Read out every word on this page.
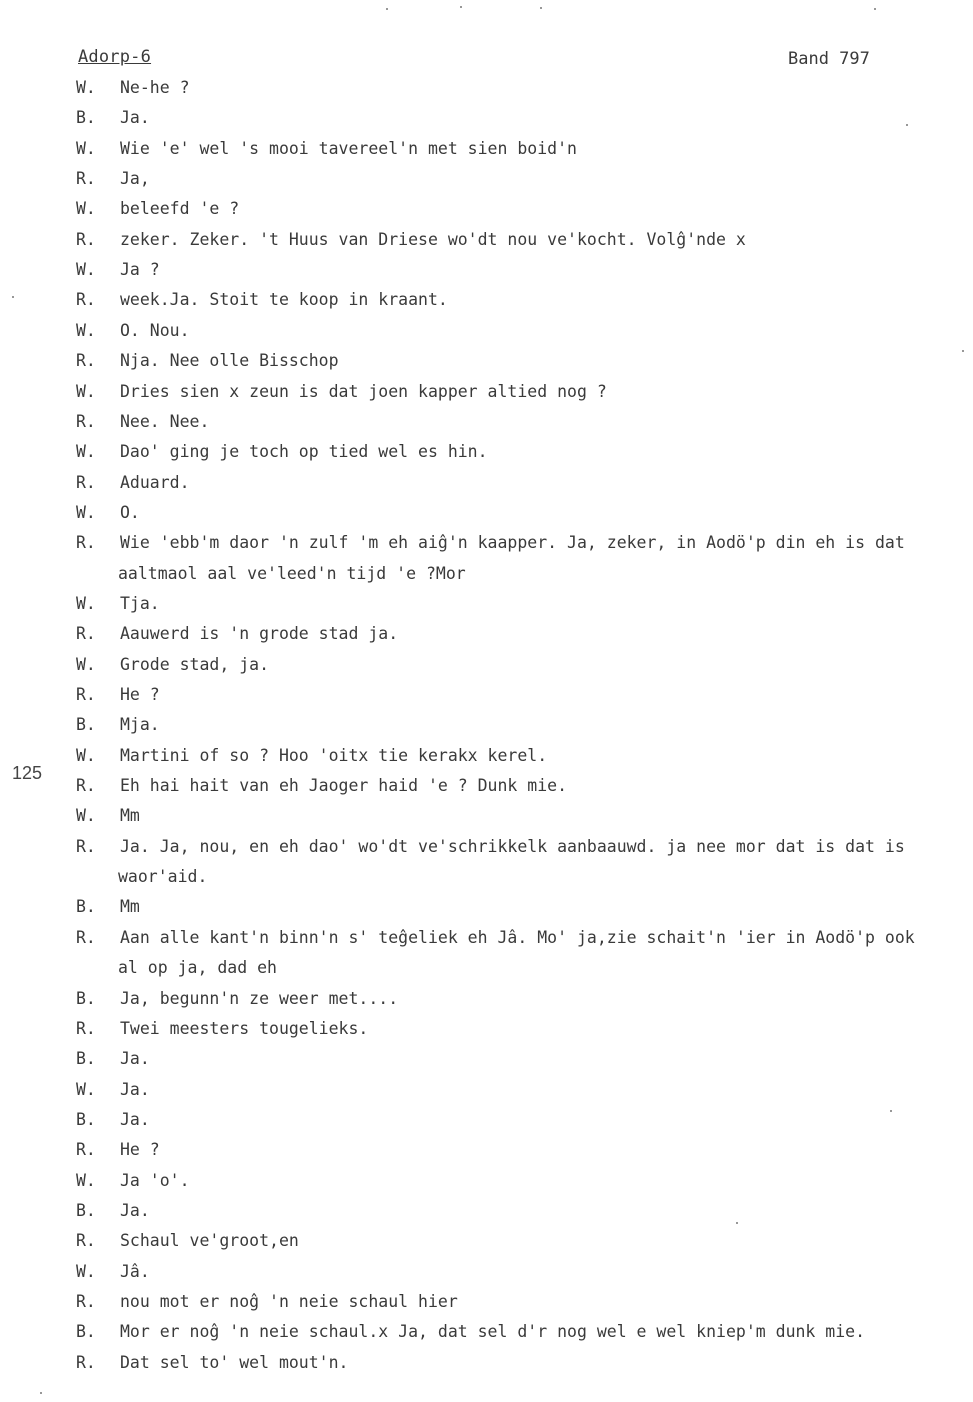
Adorp-6	Band 797
125
W.	Ne-he ?
B.	Ja.
W.	Wie 'e' wel 's mooi tavereel'n met sien boid'n
R.	Ja,
W.	beleefd 'e ?
R.	zeker. Zeker. 't Huus van Driese wo'dt nou ve'kocht. Volĝ'nde x
W.	Ja ?
R.	week.Ja. Stoit te koop in kraant.
W.	O. Nou.
R.	Nja. Nee olle Bisschop
W.	Dries sien x zeun is dat joen kapper altied nog ?
R.	Nee. Nee.
W.	Dao' ging je toch op tied wel es hin.
R.	Aduard.
W.	O.
R.	Wie 'ebb'm daor 'n zulf 'm eh aiĝ'n kaapper. Ja, zeker, in Aodö'p din eh is dat
aaltmaol aal ve'leed'n tijd 'e ?Mor
W.	Tja.
R.	Aauwerd is 'n grode stad ja.
W.	Grode stad, ja.
R.	He ?
B.	Mja.
W.	Martini of so ? Hoo 'oitx tie kerakx kerel.
R.	Eh hai hait van eh Jaoger haid 'e ? Dunk mie.
W.	Mm
R.	Ja. Ja, nou, en eh dao' wo'dt ve'schrikkelk aanbaauwd. ja nee mor dat is dat is
waor'aid.
B.	Mm
R.	Aan alle kant'n binn'n s' teĝeliek eh Jâ. Mo' ja,zie schait'n 'ier in Aodö'p ook
al op ja, dad eh
B.	Ja, begunn'n ze weer met....
R.	Twei meesters tougelieks.
B.	Ja.
W.	Ja.
B.	Ja.
R.	He ?
W.	Ja 'o'.
B.	Ja.
R.	Schaul ve'groot,en
W.	Jâ.
R.	nou mot er noĝ 'n neie schaul hier
B.	Mor er noĝ 'n neie schaul.x Ja, dat sel d'r nog wel e wel kniep'm dunk mie.
R.	Dat sel to' wel mout'n.
